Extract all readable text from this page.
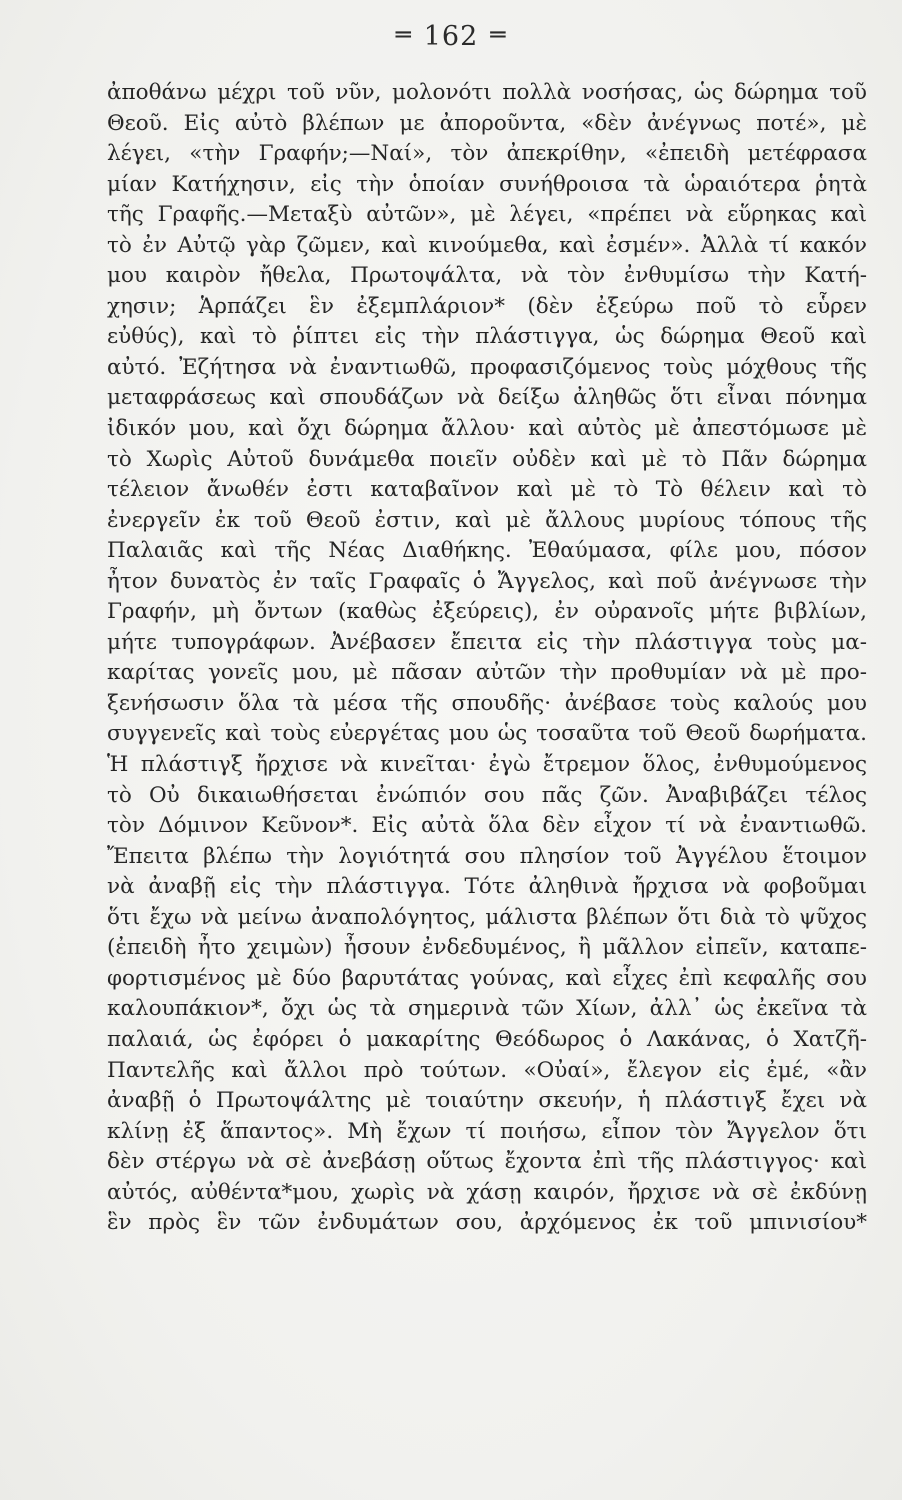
═ 162 ═
ἀποθάνω μέχρι τοῦ νῦν, μολονότι πολλὰ νοσήσας, ὡς δώρημα τοῦ
Θεοῦ. Εἰς αὐτὸ βλέπων με ἀποροῦντα, «δὲν ἀνέγνως ποτέ», μὲ
λέγει, «τὴν Γραφήν;—Ναί», τὸν ἀπεκρίθην, «ἐπειδὴ μετέφρασα
μίαν Κατήχησιν, εἰς τὴν ὁποίαν συνήθροισα τὰ ὡραιότερα ῥητὰ
τῆς Γραφῆς.—Μεταξὺ αὐτῶν», μὲ λέγει, «πρέπει νὰ εὕρηκας καὶ
τὸ ἐν Αὐτῷ γὰρ ζῶμεν, καὶ κινούμεθα, καὶ ἐσμέν». Ἀλλὰ τί κακόν
μου καιρὸν ἤθελα, Πρωτοψάλτα, νὰ τὸν ἐνθυμίσω τὴν Κατή-
χησιν; Ἁρπάζει ἓν ἐξεμπλάριον* (δὲν ἐξεύρω ποῦ τὸ εὗρεν
εὐθύς), καὶ τὸ ῥίπτει εἰς τὴν πλάστιγγα, ὡς δώρημα Θεοῦ καὶ
αὐτό. Ἐζήτησα νὰ ἐναντιωθῶ, προφασιζόμενος τοὺς μόχθους τῆς
μεταφράσεως καὶ σπουδάζων νὰ δείξω ἀληθῶς ὅτι εἶναι πόνημα
ἰδικόν μου, καὶ ὄχι δώρημα ἄλλου· καὶ αὐτὸς μὲ ἀπεστόμωσε μὲ
τὸ Χωρὶς Αὐτοῦ δυνάμεθα ποιεῖν οὐδὲν καὶ μὲ τὸ Πᾶν δώρημα
τέλειον ἄνωθέν ἐστι καταβαῖνον καὶ μὲ τὸ Τὸ θέλειν καὶ τὸ
ἐνεργεῖν ἐκ τοῦ Θεοῦ ἐστιν, καὶ μὲ ἄλλους μυρίους τόπους τῆς
Παλαιᾶς καὶ τῆς Νέας Διαθήκης. Ἐθαύμασα, φίλε μου, πόσον
ἦτον δυνατὸς ἐν ταῖς Γραφαῖς ὁ Ἄγγελος, καὶ ποῦ ἀνέγνωσε τὴν
Γραφήν, μὴ ὄντων (καθὼς ἐξεύρεις), ἐν οὐρανοῖς μήτε βιβλίων,
μήτε τυπογράφων. Ἀνέβασεν ἔπειτα εἰς τὴν πλάστιγγα τοὺς μα-
καρίτας γονεῖς μου, μὲ πᾶσαν αὐτῶν τὴν προθυμίαν νὰ μὲ προ-
ξενήσωσιν ὅλα τὰ μέσα τῆς σπουδῆς· ἀνέβασε τοὺς καλούς μου
συγγενεῖς καὶ τοὺς εὐεργέτας μου ὡς τοσαῦτα τοῦ Θεοῦ δωρήματα.
Ἡ πλάστιγξ ἤρχισε νὰ κινεῖται· ἐγὼ ἔτρεμον ὅλος, ἐνθυμούμενος
τὸ Οὐ δικαιωθήσεται ἐνώπιόν σου πᾶς ζῶν. Ἀναβιβάζει τέλος
τὸν Δόμινον Κεῦνον*. Εἰς αὐτὰ ὅλα δὲν εἶχον τί νὰ ἐναντιωθῶ.
Ἔπειτα βλέπω τὴν λογιότητά σου πλησίον τοῦ Ἀγγέλου ἕτοιμον
νὰ ἀναβῇ εἰς τὴν πλάστιγγα. Τότε ἀληθινὰ ἤρχισα νὰ φοβοῦμαι
ὅτι ἔχω νὰ μείνω ἀναπολόγητος, μάλιστα βλέπων ὅτι διὰ τὸ ψῦχος
(ἐπειδὴ ἦτο χειμὼν) ἦσουν ἐνδεδυμένος, ἢ μᾶλλον εἰπεῖν, καταπε-
φορτισμένος μὲ δύο βαρυτάτας γούνας, καὶ εἶχες ἐπὶ κεφαλῆς σου
καλουπάκιον*, ὄχι ὡς τὰ σημερινὰ τῶν Χίων, ἀλλ᾽ ὡς ἐκεῖνα τὰ
παλαιά, ὡς ἐφόρει ὁ μακαρίτης Θεόδωρος ὁ Λακάνας, ὁ Χατζῆ-
Παντελῆς καὶ ἄλλοι πρὸ τούτων. «Οὐαί», ἔλεγον εἰς ἐμέ, «ἂν
ἀναβῇ ὁ Πρωτοψάλτης μὲ τοιαύτην σκευήν, ἡ πλάστιγξ ἔχει νὰ
κλίνῃ ἐξ ἅπαντος». Μὴ ἔχων τί ποιήσω, εἶπον τὸν Ἄγγελον ὅτι
δὲν στέργω νὰ σὲ ἀνεβάσῃ οὕτως ἔχοντα ἐπὶ τῆς πλάστιγγος· καὶ
αὐτός, αὐθέντα*μου, χωρὶς νὰ χάσῃ καιρόν, ἤρχισε νὰ σὲ ἐκδύνῃ
ἓν πρὸς ἓν τῶν ἐνδυμάτων σου, ἀρχόμενος ἐκ τοῦ μπινισίου*
